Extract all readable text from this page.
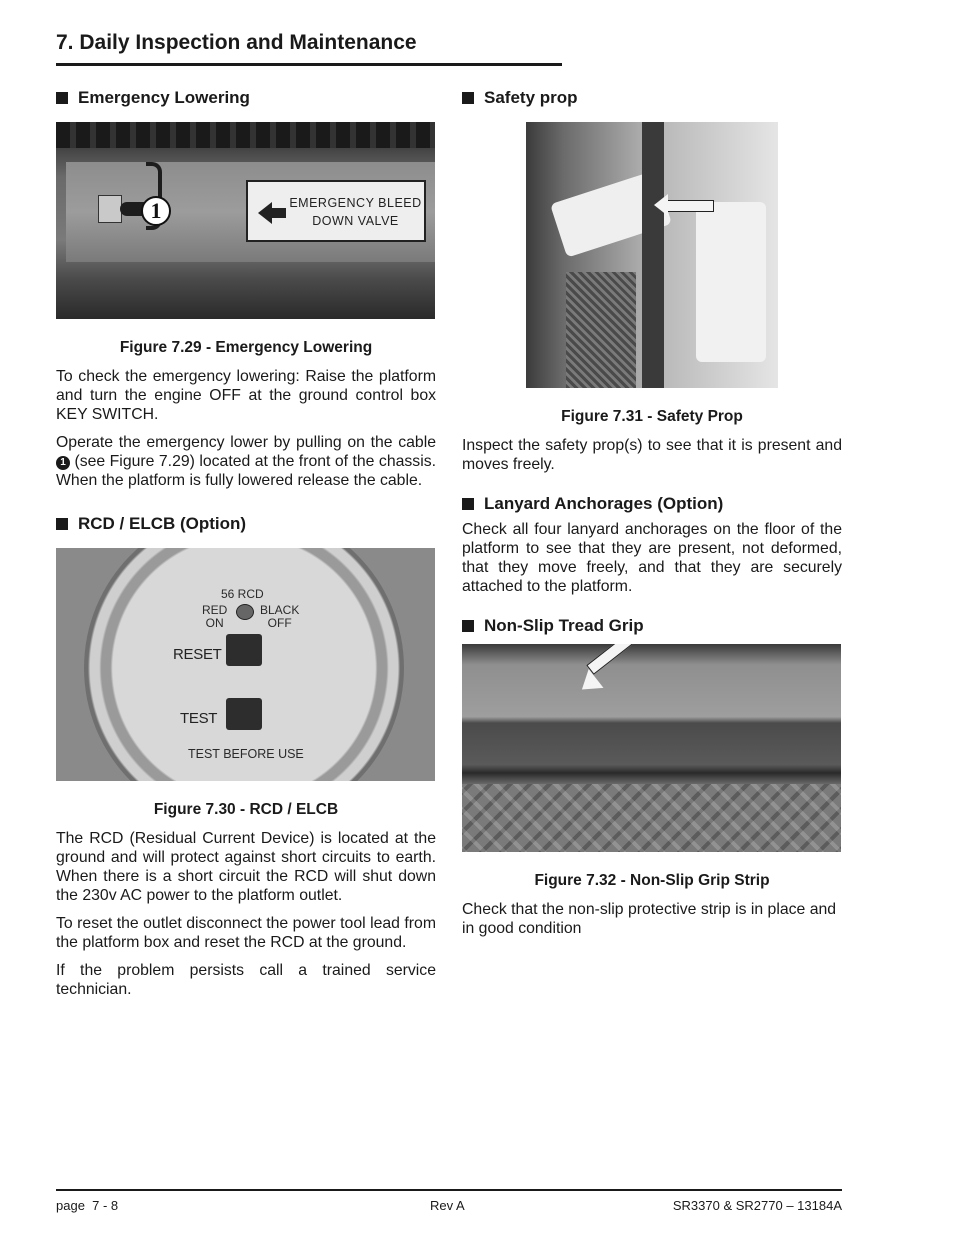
7. Daily Inspection and Maintenance
Emergency Lowering
EMERGENCY BLEED
DOWN VALVE
1
Figure 7.29 - Emergency Lowering

To check the emergency lowering: Raise the platform and turn the engine OFF at the ground control box KEY SWITCH.

Operate the emergency lower by pulling on the cable 1 (see Figure 7.29) located at the front of the chassis. When the platform is fully lowered release the cable.

RCD / ELCB (Option)
56 RCD
RED
ON
BLACK
OFF
RESET
TEST
TEST BEFORE USE
Figure 7.30 - RCD / ELCB

The RCD (Residual Current Device) is located at the ground and will protect against short circuits to earth. When there is a short circuit the RCD will shut down the 230v AC power to the platform outlet.

To reset the outlet disconnect the power tool lead from the platform box and reset the RCD at the ground.

If the problem persists call a trained service technician.

Safety prop
Figure 7.31 - Safety Prop

Inspect the safety prop(s) to see that it is present and moves freely.

Lanyard Anchorages (Option)

Check all four lanyard anchorages on the floor of the platform to see that they are present, not deformed, that they move freely, and that they are securely attached to the platform.

Non-Slip Tread Grip
Figure 7.32 - Non-Slip Grip Strip

Check that the non-slip protective strip is in place and in good condition

page  7 - 8	Rev A	SR3370 & SR2770 – 13184A
